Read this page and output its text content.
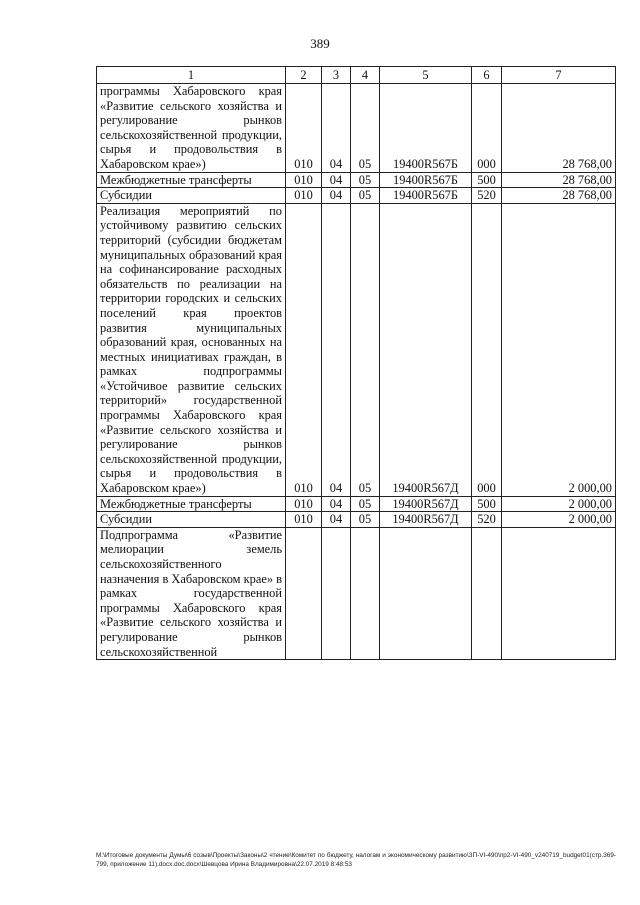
389
1	2	3	4	5	6	7
программы Хабаровского края «Развитие сельского хозяйства и регулирование рынков сельскохозяйственной продукции, сырья и продовольствия в Хабаровском крае»)	010	04	05	19400R567Б	000	28 768,00
Межбюджетные трансферты	010	04	05	19400R567Б	500	28 768,00
Субсидии	010	04	05	19400R567Б	520	28 768,00
Реализация мероприятий по устойчивому развитию сельских территорий (субсидии бюджетам муниципальных образований края на софинансирование расходных обязательств по реализации на территории городских и сельских поселений края проектов развития муниципальных образований края, основанных на местных инициативах граждан, в рамках подпрограммы «Устойчивое развитие сельских территорий» государственной программы Хабаровского края «Развитие сельского хозяйства и регулирование рынков сельскохозяйственной продукции, сырья и продовольствия в Хабаровском крае»)	010	04	05	19400R567Д	000	2 000,00
Межбюджетные трансферты	010	04	05	19400R567Д	500	2 000,00
Субсидии	010	04	05	19400R567Д	520	2 000,00
Подпрограмма «Развитие мелиорации земель сельскохозяйственного назначения в Хабаровском крае» в рамках государственной программы Хабаровского края «Развитие сельского хозяйства и регулирование рынков сельскохозяйственной						
М:\Итоговые документы Думы\6 созыв\Проекты\Законы\2 чтение\Комитет по бюджету, налогам и экономическому развитию\ЗП-VI-490\пр2-VI-490_v240719_budget01(стр.369-799, приложение 11).docx.doc.docx\Шевцова Ирина Владимировна\22.07.2019 8:48:53
